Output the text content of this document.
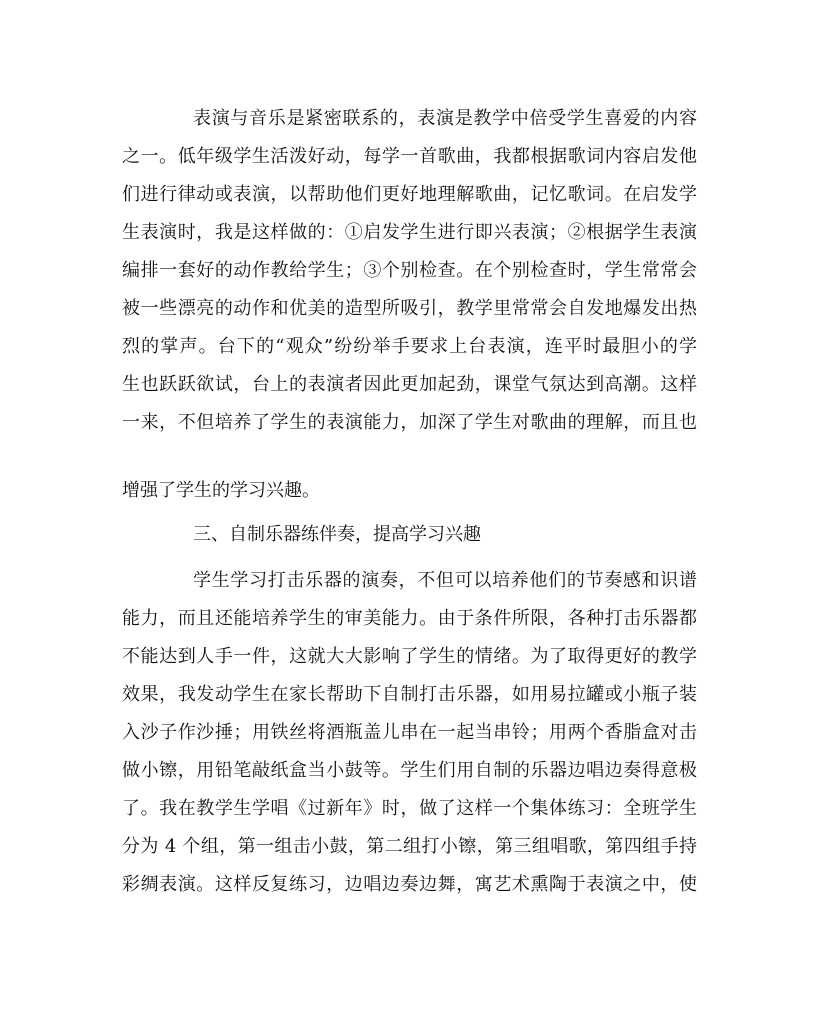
表演与音乐是紧密联系的，表演是教学中倍受学生喜爱的内容
之一。低年级学生活泼好动，每学一首歌曲，我都根据歌词内容启发他
们进行律动或表演，以帮助他们更好地理解歌曲，记忆歌词。在启发学
生表演时，我是这样做的：①启发学生进行即兴表演；②根据学生表演
编排一套好的动作教给学生；③个别检查。在个别检查时，学生常常会
被一些漂亮的动作和优美的造型所吸引，教学里常常会自发地爆发出热
烈的掌声。台下的“观众”纷纷举手要求上台表演，连平时最胆小的学
生也跃跃欲试，台上的表演者因此更加起劲，课堂气氛达到高潮。这样
一来，不但培养了学生的表演能力，加深了学生对歌曲的理解，而且也
增强了学生的学习兴趣。
三、自制乐器练伴奏，提高学习兴趣
学生学习打击乐器的演奏，不但可以培养他们的节奏感和识谱
能力，而且还能培养学生的审美能力。由于条件所限，各种打击乐器都
不能达到人手一件，这就大大影响了学生的情绪。为了取得更好的教学
效果，我发动学生在家长帮助下自制打击乐器，如用易拉罐或小瓶子装
入沙子作沙捶；用铁丝将酒瓶盖儿串在一起当串铃；用两个香脂盒对击
做小镲，用铅笔敲纸盒当小鼓等。学生们用自制的乐器边唱边奏得意极
了。我在教学生学唱《过新年》时，做了这样一个集体练习：全班学生
分为 4 个组，第一组击小鼓，第二组打小镲，第三组唱歌，第四组手持
彩绸表演。这样反复练习，边唱边奏边舞，寓艺术熏陶于表演之中，使
